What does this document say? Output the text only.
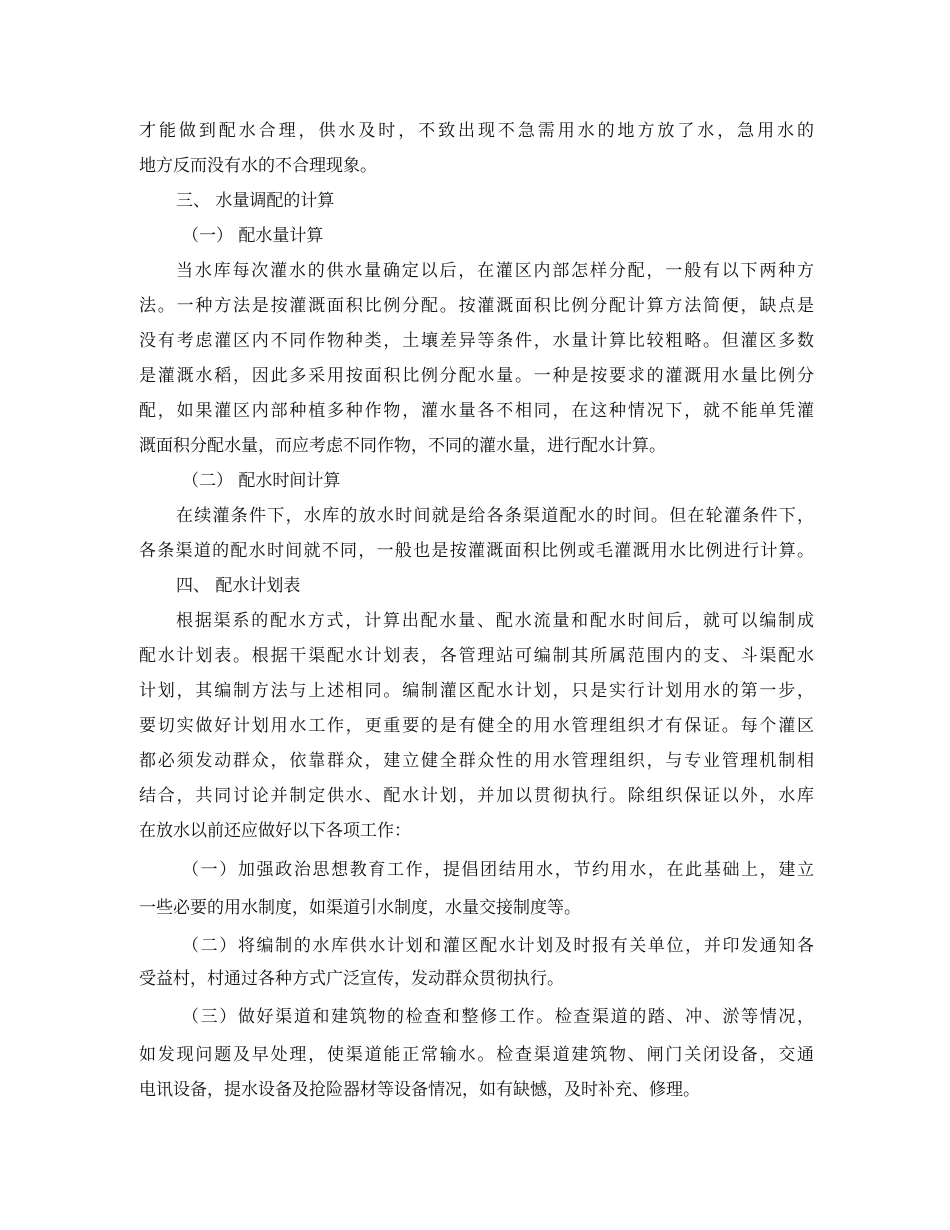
才能做到配水合理，供水及时，不致出现不急需用水的地方放了水，急用水的
地方反而没有水的不合理现象。
三、 水量调配的计算
（一） 配水量计算
当水库每次灌水的供水量确定以后，在灌区内部怎样分配，一般有以下两种方
法。一种方法是按灌溉面积比例分配。按灌溉面积比例分配计算方法简便，缺点是
没有考虑灌区内不同作物种类，土壤差异等条件，水量计算比较粗略。但灌区多数
是灌溉水稻，因此多采用按面积比例分配水量。一种是按要求的灌溉用水量比例分
配，如果灌区内部种植多种作物，灌水量各不相同，在这种情况下，就不能单凭灌
溉面积分配水量，而应考虑不同作物，不同的灌水量，进行配水计算。
（二） 配水时间计算
在续灌条件下，水库的放水时间就是给各条渠道配水的时间。但在轮灌条件下，
各条渠道的配水时间就不同，一般也是按灌溉面积比例或毛灌溉用水比例进行计算。
四、 配水计划表
根据渠系的配水方式，计算出配水量、配水流量和配水时间后，就可以编制成
配水计划表。根据干渠配水计划表，各管理站可编制其所属范围内的支、斗渠配水
计划，其编制方法与上述相同。编制灌区配水计划，只是实行计划用水的第一步，
要切实做好计划用水工作，更重要的是有健全的用水管理组织才有保证。每个灌区
都必须发动群众，依靠群众，建立健全群众性的用水管理组织，与专业管理机制相
结合，共同讨论并制定供水、配水计划，并加以贯彻执行。除组织保证以外，水库
在放水以前还应做好以下各项工作：
（一）加强政治思想教育工作，提倡团结用水，节约用水，在此基础上，建立
一些必要的用水制度，如渠道引水制度，水量交接制度等。
（二）将编制的水库供水计划和灌区配水计划及时报有关单位，并印发通知各
受益村，村通过各种方式广泛宣传，发动群众贯彻执行。
（三）做好渠道和建筑物的检查和整修工作。检查渠道的踏、冲、淤等情况，
如发现问题及早处理，使渠道能正常输水。检查渠道建筑物、闸门关闭设备，交通
电讯设备，提水设备及抢险器材等设备情况，如有缺憾，及时补充、修理。
